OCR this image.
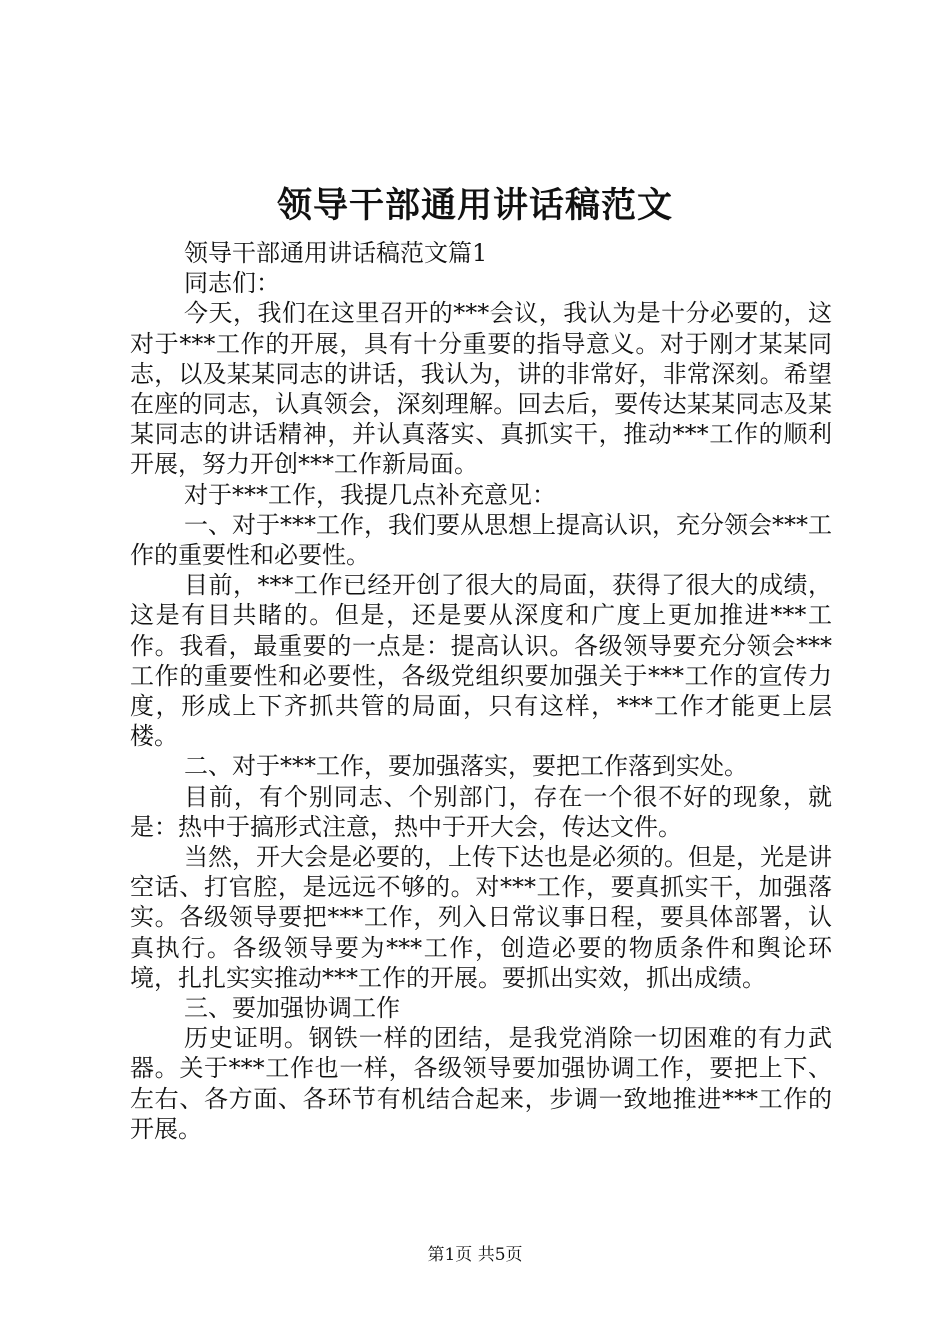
领导干部通用讲话稿范文

领导干部通用讲话稿范文篇1

同志们：

今天，我们在这里召开的***会议，我认为是十分必要的，这对于***工作的开展，具有十分重要的指导意义。对于刚才某某同志，以及某某同志的讲话，我认为，讲的非常好，非常深刻。希望在座的同志，认真领会，深刻理解。回去后，要传达某某同志及某某同志的讲话精神，并认真落实、真抓实干，推动***工作的顺利开展，努力开创***工作新局面。

对于***工作，我提几点补充意见：

一、对于***工作，我们要从思想上提高认识，充分领会***工作的重要性和必要性。

目前，***工作已经开创了很大的局面，获得了很大的成绩，这是有目共睹的。但是，还是要从深度和广度上更加推进***工作。我看，最重要的一点是：提高认识。各级领导要充分领会***工作的重要性和必要性，各级党组织要加强关于***工作的宣传力度，形成上下齐抓共管的局面，只有这样，***工作才能更上层楼。

二、对于***工作，要加强落实，要把工作落到实处。

目前，有个别同志、个别部门，存在一个很不好的现象，就是：热中于搞形式注意，热中于开大会，传达文件。

当然，开大会是必要的，上传下达也是必须的。但是，光是讲空话、打官腔，是远远不够的。对***工作，要真抓实干，加强落实。各级领导要把***工作，列入日常议事日程，要具体部署，认真执行。各级领导要为***工作，创造必要的物质条件和舆论环境，扎扎实实推动***工作的开展。要抓出实效，抓出成绩。

三、要加强协调工作

历史证明。钢铁一样的团结，是我党消除一切困难的有力武器。关于***工作也一样，各级领导要加强协调工作，要把上下、左右、各方面、各环节有机结合起来，步调一致地推进***工作的开展。

第1页 共5页
